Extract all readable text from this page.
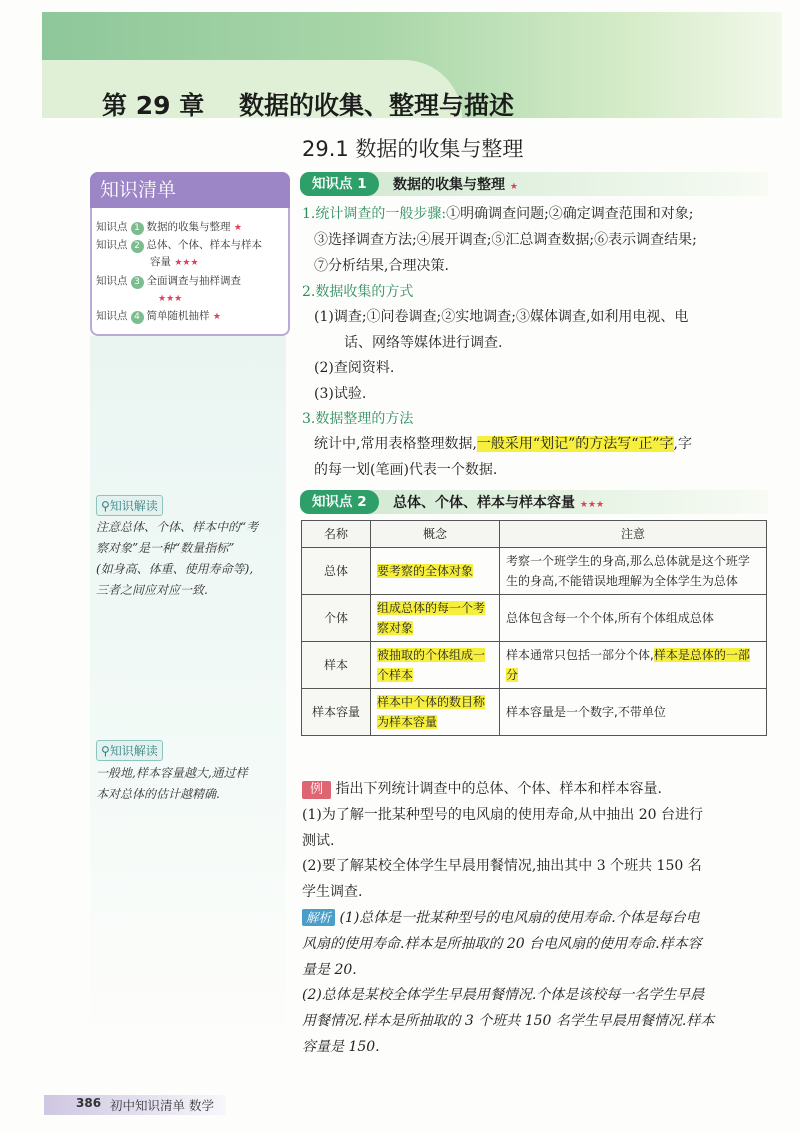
第 29 章    数据的收集、整理与描述
29.1 数据的收集与整理
知识清单
知识点 1 数据的收集与整理 ★
知识点 2 总体、个体、样本与样本
容量 ★★★
知识点 3 全面调查与抽样调查
★★★
知识点 4 简单随机抽样 ★
⚲知识解读
注意总体、个体、样本中的“考
察对象”是一种“数量指标”
(如身高、体重、使用寿命等),
三者之间应对应一致.
⚲知识解读
一般地,样本容量越大,通过样
本对总体的估计越精确.
知识点 1	数据的收集与整理 ★
1.统计调查的一般步骤:①明确调查问题;②确定调查范围和对象;
③选择调查方法;④展开调查;⑤汇总调查数据;⑥表示调查结果;
⑦分析结果,合理决策.
2.数据收集的方式
(1)调查;①问卷调查;②实地调查;③媒体调查,如利用电视、电
话、网络等媒体进行调查.
(2)查阅资料.
(3)试验.
3.数据整理的方法
统计中,常用表格整理数据,一般采用“划记”的方法写“正”字,字
的每一划(笔画)代表一个数据.
知识点 2	总体、个体、样本与样本容量 ★★★
名称	概念	注意
总体	要考察的全体对象	考察一个班学生的身高,那么总体就是这个班学生的身高,不能错误地理解为全体学生为总体
个体	组成总体的每一个考察对象	总体包含每一个个体,所有个体组成总体
样本	被抽取的个体组成一个样本	样本通常只包括一部分个体,样本是总体的一部分
样本容量	样本中个体的数目称为样本容量	样本容量是一个数字,不带单位
例 指出下列统计调查中的总体、个体、样本和样本容量.
(1)为了解一批某种型号的电风扇的使用寿命,从中抽出 20 台进行
测试.
(2)要了解某校全体学生早晨用餐情况,抽出其中 3 个班共 150 名
学生调查.
解析 (1)总体是一批某种型号的电风扇的使用寿命.个体是每台电
风扇的使用寿命.样本是所抽取的 20 台电风扇的使用寿命.样本容
量是 20.
(2)总体是某校全体学生早晨用餐情况.个体是该校每一名学生早晨
用餐情况.样本是所抽取的 3 个班共 150 名学生早晨用餐情况.样本
容量是 150.
386 初中知识清单 数学
